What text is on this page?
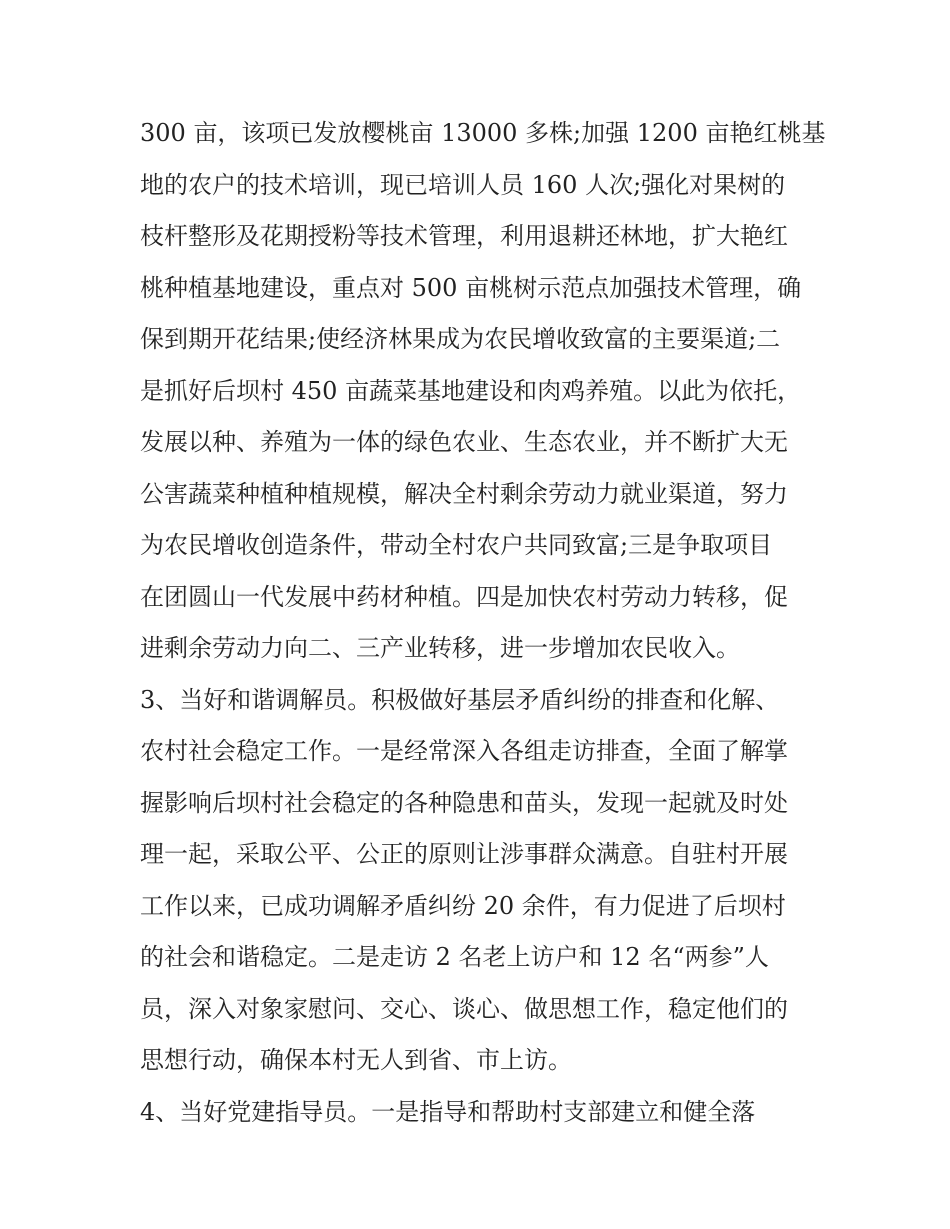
300 亩，该项已发放樱桃亩 13000 多株;加强 1200 亩艳红桃基
地的农户的技术培训，现已培训人员 160 人次;强化对果树的
枝杆整形及花期授粉等技术管理，利用退耕还林地，扩大艳红
桃种植基地建设，重点对 500 亩桃树示范点加强技术管理，确
保到期开花结果;使经济林果成为农民增收致富的主要渠道;二
是抓好后坝村 450 亩蔬菜基地建设和肉鸡养殖。以此为依托，
发展以种、养殖为一体的绿色农业、生态农业，并不断扩大无
公害蔬菜种植种植规模，解决全村剩余劳动力就业渠道，努力
为农民增收创造条件，带动全村农户共同致富;三是争取项目
在团圆山一代发展中药材种植。四是加快农村劳动力转移，促
进剩余劳动力向二、三产业转移，进一步增加农民收入。
3、当好和谐调解员。积极做好基层矛盾纠纷的排查和化解、
农村社会稳定工作。一是经常深入各组走访排查，全面了解掌
握影响后坝村社会稳定的各种隐患和苗头，发现一起就及时处
理一起，采取公平、公正的原则让涉事群众满意。自驻村开展
工作以来，已成功调解矛盾纠纷 20 余件，有力促进了后坝村
的社会和谐稳定。二是走访 2 名老上访户和 12 名“两参”人
员，深入对象家慰问、交心、谈心、做思想工作，稳定他们的
思想行动，确保本村无人到省、市上访。
4、当好党建指导员。一是指导和帮助村支部建立和健全落
